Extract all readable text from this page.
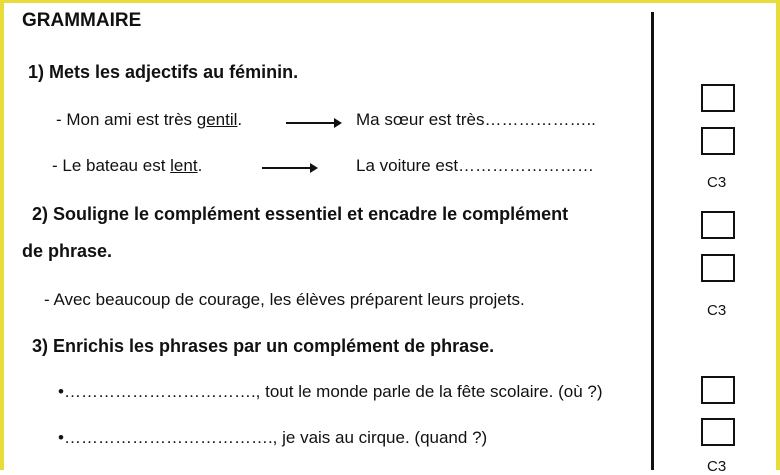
GRAMMAIRE
1) Mets les adjectifs au féminin.
- Mon ami est très gentil.	Ma sœur est très………………..
- Le bateau est lent.	La voiture est……………………
2) Souligne le complément essentiel et encadre le complément
de phrase.
- Avec beaucoup de courage, les élèves préparent leurs projets.
3) Enrichis les phrases par un complément de phrase.
•……………………………., tout le monde parle de la fête scolaire. (où ?)
•………………………………., je vais au cirque. (quand ?)
C3
C3
C3
